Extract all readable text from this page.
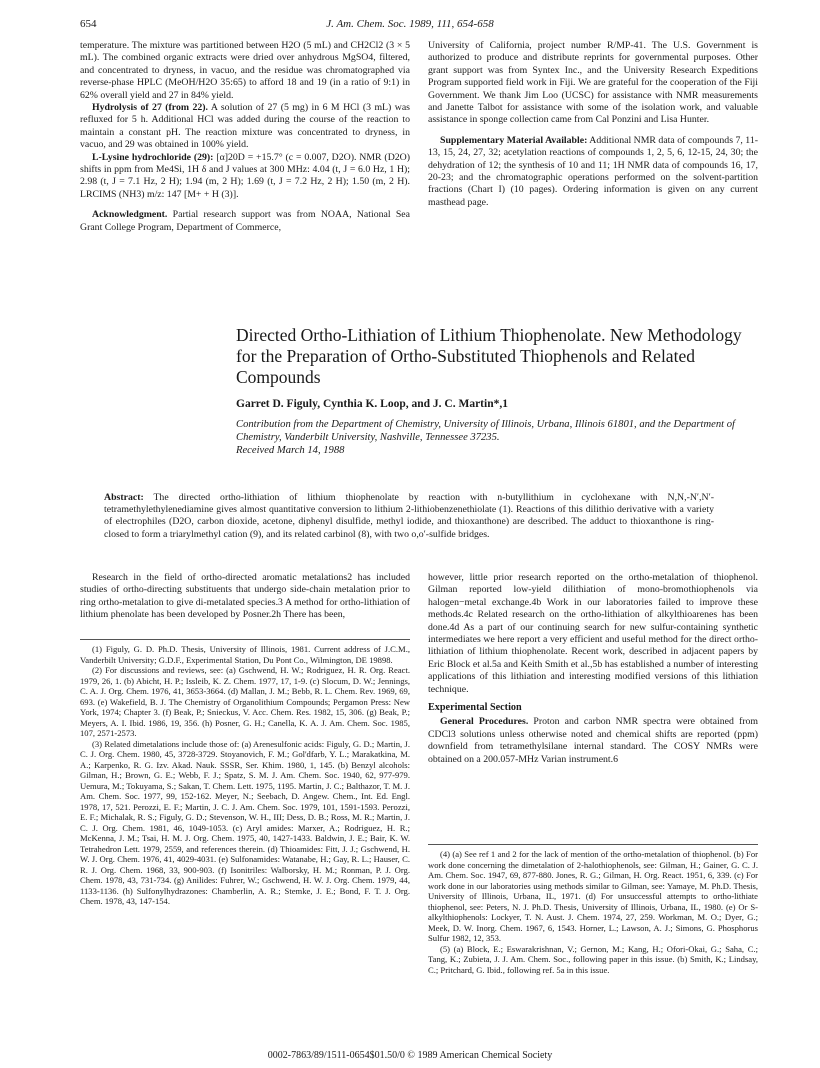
654	J. Am. Chem. Soc. 1989, 111, 654-658

temperature. The mixture was partitioned between H2O (5 mL) and CH2Cl2 (3 × 5 mL). The combined organic extracts were dried over anhydrous MgSO4, filtered, and concentrated to dryness, in vacuo, and the residue was chromatographed via reverse-phase HPLC (MeOH/H2O 35:65) to afford 18 and 19 (in a ratio of 9:1) in 62% overall yield and 27 in 84% yield.

Hydrolysis of 27 (from 22). A solution of 27 (5 mg) in 6 M HCl (3 mL) was refluxed for 5 h. Additional HCl was added during the course of the reaction to maintain a constant pH. The reaction mixture was concentrated to dryness, in vacuo, and 29 was obtained in 100% yield.

L-Lysine hydrochloride (29): [α]20D = +15.7° (c = 0.007, D2O). NMR (D2O) shifts in ppm from Me4Si, 1H δ and J values at 300 MHz: 4.04 (t, J = 6.0 Hz, 1 H); 2.98 (t, J = 7.1 Hz, 2 H); 1.94 (m, 2 H); 1.69 (t, J = 7.2 Hz, 2 H); 1.50 (m, 2 H). LRCIMS (NH3) m/z: 147 [M+ + H (3)].

Acknowledgment. Partial research support was from NOAA, National Sea Grant College Program, Department of Commerce,

University of California, project number R/MP-41. The U.S. Government is authorized to produce and distribute reprints for governmental purposes. Other grant support was from Syntex Inc., and the University Research Expeditions Program supported field work in Fiji. We are grateful for the cooperation of the Fiji Government. We thank Jim Loo (UCSC) for assistance with NMR measurements and Janette Talbot for assistance with some of the isolation work, and valuable assistance in sponge collection came from Cal Ponzini and Lisa Hunter.

Supplementary Material Available: Additional NMR data of compounds 7, 11-13, 15, 24, 27, 32; acetylation reactions of compounds 1, 2, 5, 6, 12-15, 24, 30; the dehydration of 12; the synthesis of 10 and 11; 1H NMR data of compounds 16, 17, 20-23; and the chromatographic operations performed on the solvent-partition fractions (Chart I) (10 pages). Ordering information is given on any current masthead page.

Directed Ortho-Lithiation of Lithium Thiophenolate. New Methodology for the Preparation of Ortho-Substituted Thiophenols and Related Compounds
Garret D. Figuly, Cynthia K. Loop, and J. C. Martin*,1
Contribution from the Department of Chemistry, University of Illinois, Urbana, Illinois 61801, and the Department of Chemistry, Vanderbilt University, Nashville, Tennessee 37235.
Received March 14, 1988
Abstract: The directed ortho-lithiation of lithium thiophenolate by reaction with n-butyllithium in cyclohexane with N,N,-N′,N′-tetramethylethylenediamine gives almost quantitative conversion to lithium 2-lithiobenzenethiolate (1). Reactions of this dilithio derivative with a variety of electrophiles (D2O, carbon dioxide, acetone, diphenyl disulfide, methyl iodide, and thioxanthone) are described. The adduct to thioxanthone is ring-closed to form a triarylmethyl cation (9), and its related carbinol (8), with two o,o′-sulfide bridges.

Research in the field of ortho-directed aromatic metalations2 has included studies of ortho-directing substituents that undergo side-chain metalation prior to ring ortho-metalation to give di-metalated species.3 A method for ortho-lithiation of lithium phenolate has been developed by Posner.2h There has been,

(1) Figuly, G. D. Ph.D. Thesis, University of Illinois, 1981. Current address of J.C.M., Vanderbilt University; G.D.F., Experimental Station, Du Pont Co., Wilmington, DE 19898.

(2) For discussions and reviews, see: (a) Gschwend, H. W.; Rodriguez, H. R. Org. React. 1979, 26, 1. (b) Abicht, H. P.; Issleib, K. Z. Chem. 1977, 17, 1-9. (c) Slocum, D. W.; Jennings, C. A. J. Org. Chem. 1976, 41, 3653-3664. (d) Mallan, J. M.; Bebb, R. L. Chem. Rev. 1969, 69, 693. (e) Wakefield, B. J. The Chemistry of Organolithium Compounds; Pergamon Press: New York, 1974; Chapter 3. (f) Beak, P.; Snieckus, V. Acc. Chem. Res. 1982, 15, 306. (g) Beak, P.; Meyers, A. I. Ibid. 1986, 19, 356. (h) Posner, G. H.; Canella, K. A. J. Am. Chem. Soc. 1985, 107, 2571-2573.

(3) Related dimetalations include those of: (a) Arenesulfonic acids: Figuly, G. D.; Martin, J. C. J. Org. Chem. 1980, 45, 3728-3729. Stoyanovich, F. M.; Gol'dfarb, Y. L.; Marakatkina, M. A.; Karpenko, R. G. Izv. Akad. Nauk. SSSR, Ser. Khim. 1980, 1, 145. (b) Benzyl alcohols: Gilman, H.; Brown, G. E.; Webb, F. J.; Spatz, S. M. J. Am. Chem. Soc. 1940, 62, 977-979. Uemura, M.; Tokuyama, S.; Sakan, T. Chem. Lett. 1975, 1195. Martin, J. C.; Balthazor, T. M. J. Am. Chem. Soc. 1977, 99, 152-162. Meyer, N.; Seebach, D. Angew. Chem., Int. Ed. Engl. 1978, 17, 521. Perozzi, E. F.; Martin, J. C. J. Am. Chem. Soc. 1979, 101, 1591-1593. Perozzi, E. F.; Michalak, R. S.; Figuly, G. D.; Stevenson, W. H., III; Dess, D. B.; Ross, M. R.; Martin, J. C. J. Org. Chem. 1981, 46, 1049-1053. (c) Aryl amides: Marxer, A.; Rodriguez, H. R.; McKenna, J. M.; Tsai, H. M. J. Org. Chem. 1975, 40, 1427-1433. Baldwin, J. E.; Bair, K. W. Tetrahedron Lett. 1979, 2559, and references therein. (d) Thioamides: Fitt, J. J.; Gschwend, H. W. J. Org. Chem. 1976, 41, 4029-4031. (e) Sulfonamides: Watanabe, H.; Gay, R. L.; Hauser, C. R. J. Org. Chem. 1968, 33, 900-903. (f) Isonitriles: Walborsky, H. M.; Ronman, P. J. Org. Chem. 1978, 43, 731-734. (g) Anilides: Fuhrer, W.; Gschwend, H. W. J. Org. Chem. 1979, 44, 1133-1136. (h) Sulfonylhydrazones: Chamberlin, A. R.; Stemke, J. E.; Bond, F. T. J. Org. Chem. 1978, 43, 147-154.

however, little prior research reported on the ortho-metalation of thiophenol. Gilman reported low-yield dilithiation of mono-bromothiophenols via halogen−metal exchange.4b Work in our laboratories failed to improve these methods.4c Related research on the ortho-lithiation of alkylthioarenes has been done.4d As a part of our continuing search for new sulfur-containing synthetic intermediates we here report a very efficient and useful method for the direct ortho-lithiation of lithium thiophenolate. Recent work, described in adjacent papers by Eric Block et al.5a and Keith Smith et al.,5b has established a number of interesting applications of this lithiation and interesting modified versions of this lithiation technique.

Experimental Section

General Procedures. Proton and carbon NMR spectra were obtained from CDCl3 solutions unless otherwise noted and chemical shifts are reported (ppm) downfield from tetramethylsilane internal standard. The COSY NMRs were obtained on a 200.057-MHz Varian instrument.6

(4) (a) See ref 1 and 2 for the lack of mention of the ortho-metalation of thiophenol. (b) For work done concerning the dimetalation of 2-halothiophenols, see: Gilman, H.; Gainer, G. C. J. Am. Chem. Soc. 1947, 69, 877-880. Jones, R. G.; Gilman, H. Org. React. 1951, 6, 339. (c) For work done in our laboratories using methods similar to Gilman, see: Yamaye, M. Ph.D. Thesis, University of Illinois, Urbana, IL, 1971. (d) For unsuccessful attempts to ortho-lithiate thiophenol, see: Peters, N. J. Ph.D. Thesis, University of Illinois, Urbana, IL, 1980. (e) Or S-alkylthiophenols: Lockyer, T. N. Aust. J. Chem. 1974, 27, 259. Workman, M. O.; Dyer, G.; Meek, D. W. Inorg. Chem. 1967, 6, 1543. Horner, L.; Lawson, A. J.; Simons, G. Phosphorus Sulfur 1982, 12, 353.

(5) (a) Block, E.; Eswarakrishnan, V.; Gernon, M.; Kang, H.; Ofori-Okai, G.; Saha, C.; Tang, K.; Zubieta, J. J. Am. Chem. Soc., following paper in this issue. (b) Smith, K.; Lindsay, C.; Pritchard, G. Ibid., following ref. 5a in this issue.

0002-7863/89/1511-0654$01.50/0 © 1989 American Chemical Society
